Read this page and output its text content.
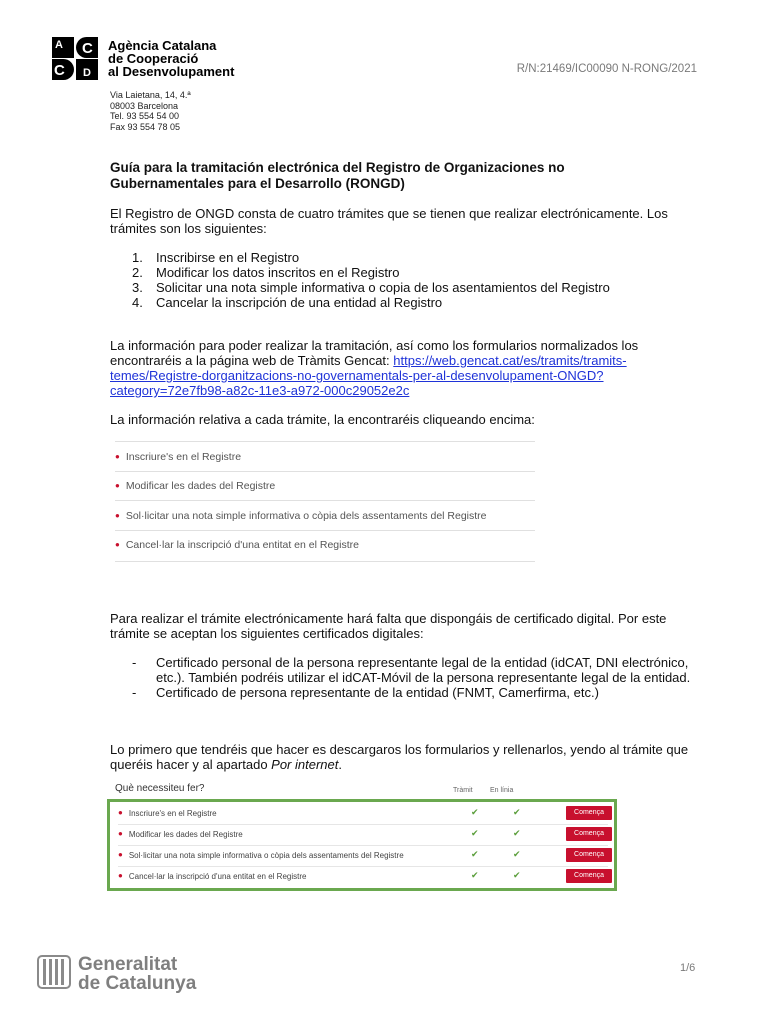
A	C
C	D
Agència Catalana
de Cooperació
al Desenvolupament	R/N:21469/IC00090 N-RONG/2021
Via Laietana, 14, 4.ª
08003 Barcelona
Tel. 93 554 54 00
Fax 93 554 78 05
Guía para la tramitación electrónica del Registro de Organizaciones no Gubernamentales para el Desarrollo (RONGD)
El Registro de ONGD consta de cuatro trámites que se tienen que realizar electrónicamente. Los trámites son los siguientes:
1.	Inscribirse en el Registro
2.	Modificar los datos inscritos en el Registro
3.	Solicitar una nota simple informativa o copia de los asentamientos del Registro
4.	Cancelar la inscripción de una entidad al Registro
La información para poder realizar la tramitación, así como los formularios normalizados los encontraréis a la página web de Tràmits Gencat: https://web.gencat.cat/es/tramits/tramits-temes/Registre-dorganitzacions-no-governamentals-per-al-desenvolupament-ONGD?category=72e7fb98-a82c-11e3-a972-000c29052e2c
La información relativa a cada trámite, la encontraréis cliqueando encima:
● Inscriure's en el Registre
● Modificar les dades del Registre
● Sol·licitar una nota simple informativa o còpia dels assentaments del Registre
● Cancel·lar la inscripció d'una entitat en el Registre
Para realizar el trámite electrónicamente hará falta que dispongáis de certificado digital. Por este trámite se aceptan los siguientes certificados digitales:
-	Certificado personal de la persona representante legal de la entidad (idCAT, DNI electrónico, etc.). También podréis utilizar el idCAT-Móvil de la persona representante legal de la entidad.
-	Certificado de persona representante de la entidad (FNMT, Camerfirma, etc.)
Lo primero que tendréis que hacer es descargaros los formularios y rellenarlos, yendo al trámite que queréis hacer y al apartado Por internet.
Què necessiteu fer?	Tràmit En línia
● Inscriure's en el Registre	✔	✔	Comença
● Modificar les dades del Registre	✔	✔	Comença
● Sol·licitar una nota simple informativa o còpia dels assentaments del Registre	✔	✔	Comença
● Cancel·lar la inscripció d'una entitat en el Registre	✔	✔	Comença
Generalitat
de Catalunya
1/6
